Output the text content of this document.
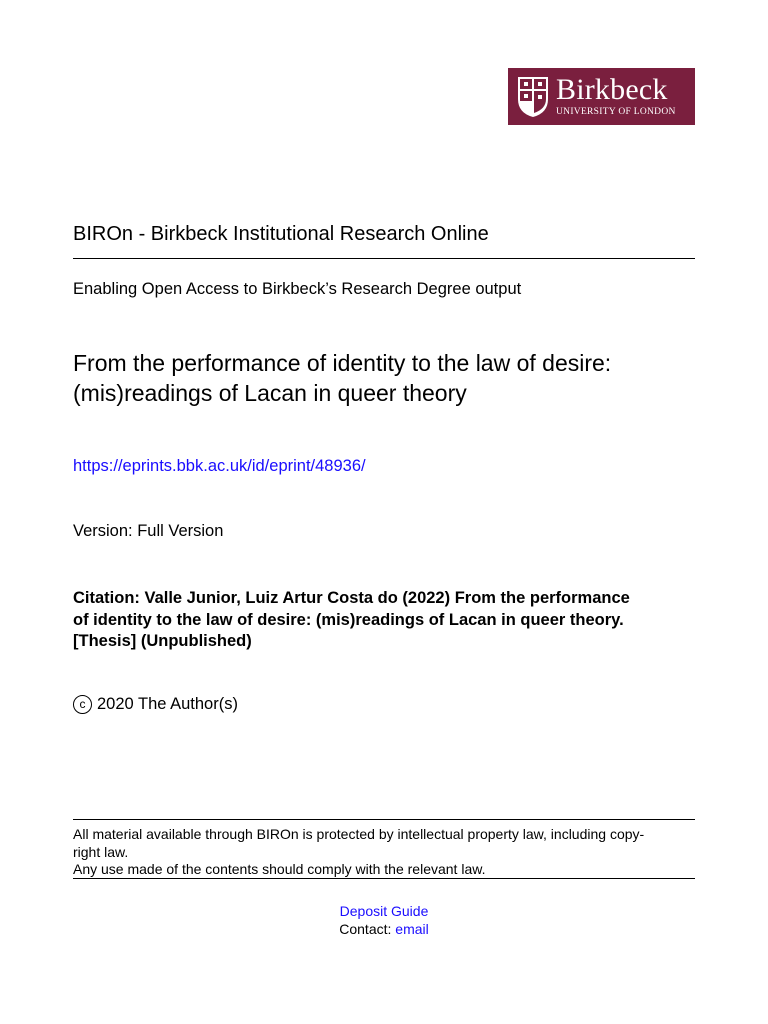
Birkbeck
UNIVERSITY OF LONDON
BIROn - Birkbeck Institutional Research Online
Enabling Open Access to Birkbeck’s Research Degree output
From the performance of identity to the law of desire:
(mis)readings of Lacan in queer theory
https://eprints.bbk.ac.uk/id/eprint/48936/
Version: Full Version
Citation: Valle Junior, Luiz Artur Costa do (2022) From the performance
of identity to the law of desire: (mis)readings of Lacan in queer theory.
[Thesis] (Unpublished)
c 2020 The Author(s)
All material available through BIROn is protected by intellectual property law, including copy-
right law.
Any use made of the contents should comply with the relevant law.
Deposit Guide
Contact: email
